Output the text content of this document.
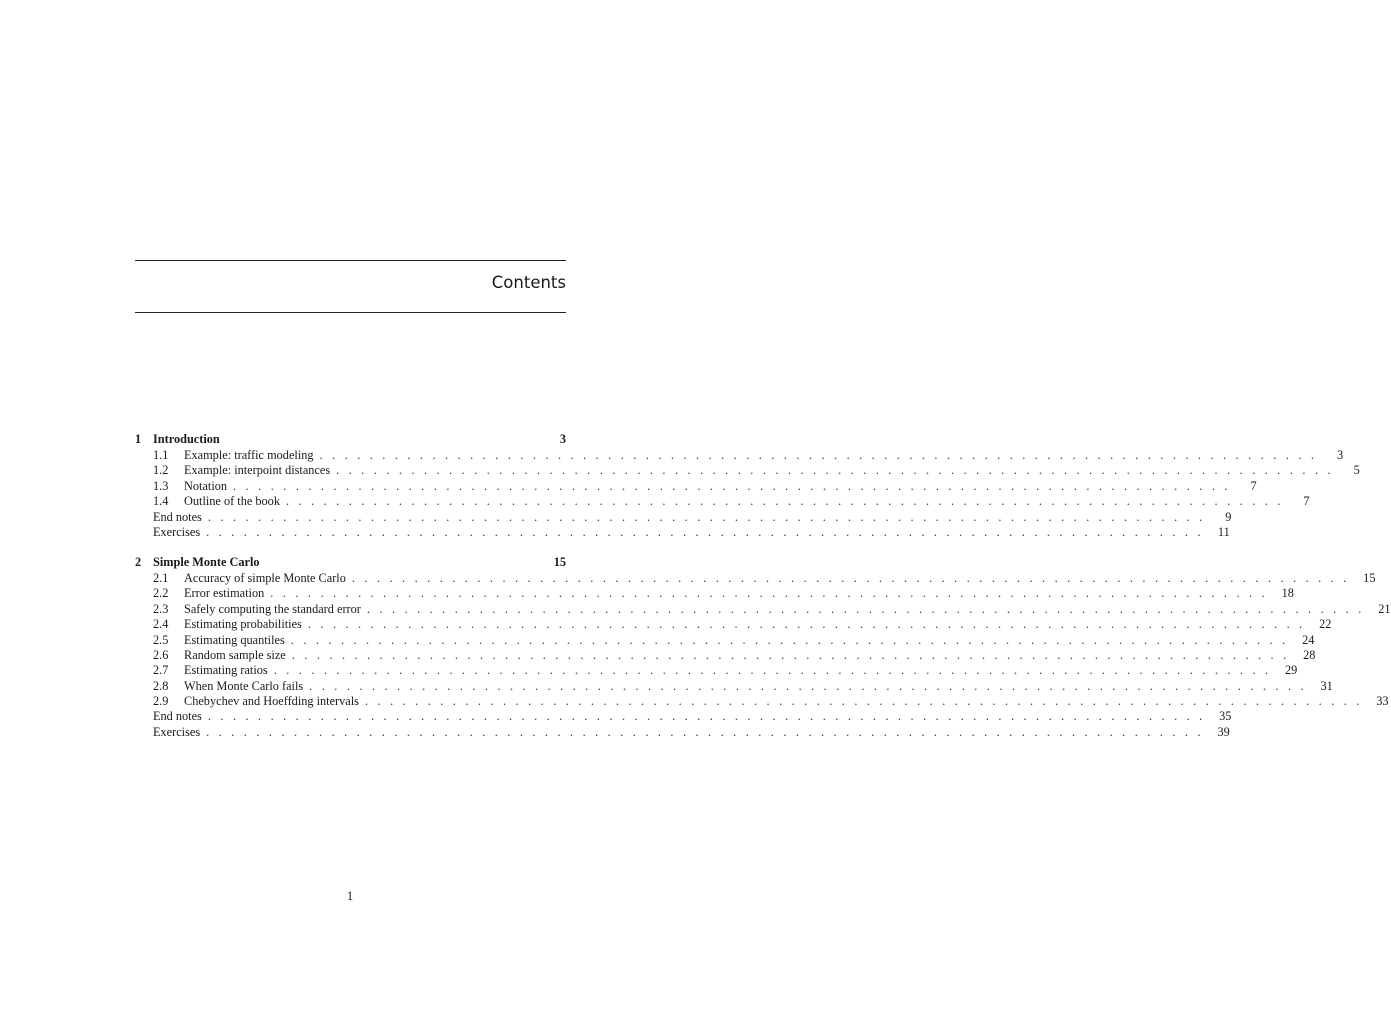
Contents
1 Introduction	3
1.1	Example: traffic modeling . . . . . . . . . . . . . . . . . . . . . . . . . . . . . . . . . . . . . . . . . . . . . . . . . . . . . . . . . . . . . . . . . . . . . . . . . . . . . . . .	3
1.2	Example: interpoint distances . . . . . . . . . . . . . . . . . . . . . . . . . . . . . . . . . . . . . . . . . . . . . . . . . . . . . . . . . . . . . . . . . . . . . . . . . . . . . . . .	5
1.3	Notation . . . . . . . . . . . . . . . . . . . . . . . . . . . . . . . . . . . . . . . . . . . . . . . . . . . . . . . . . . . . . . . . . . . . . . . . . . . . . . . .	7
1.4	Outline of the book . . . . . . . . . . . . . . . . . . . . . . . . . . . . . . . . . . . . . . . . . . . . . . . . . . . . . . . . . . . . . . . . . . . . . . . . . . . . . . . .	7
End notes . . . . . . . . . . . . . . . . . . . . . . . . . . . . . . . . . . . . . . . . . . . . . . . . . . . . . . . . . . . . . . . . . . . . . . . . . . . . . . . .	9
Exercises . . . . . . . . . . . . . . . . . . . . . . . . . . . . . . . . . . . . . . . . . . . . . . . . . . . . . . . . . . . . . . . . . . . . . . . . . . . . . . . .	11
2 Simple Monte Carlo	15
2.1	Accuracy of simple Monte Carlo . . . . . . . . . . . . . . . . . . . . . . . . . . . . . . . . . . . . . . . . . . . . . . . . . . . . . . . . . . . . . . . . . . . . . . . . . . . . . . . .	15
2.2	Error estimation . . . . . . . . . . . . . . . . . . . . . . . . . . . . . . . . . . . . . . . . . . . . . . . . . . . . . . . . . . . . . . . . . . . . . . . . . . . . . . . .	18
2.3	Safely computing the standard error . . . . . . . . . . . . . . . . . . . . . . . . . . . . . . . . . . . . . . . . . . . . . . . . . . . . . . . . . . . . . . . . . . . . . . . . . . . . . . . .	21
2.4	Estimating probabilities . . . . . . . . . . . . . . . . . . . . . . . . . . . . . . . . . . . . . . . . . . . . . . . . . . . . . . . . . . . . . . . . . . . . . . . . . . . . . . . .	22
2.5	Estimating quantiles . . . . . . . . . . . . . . . . . . . . . . . . . . . . . . . . . . . . . . . . . . . . . . . . . . . . . . . . . . . . . . . . . . . . . . . . . . . . . . . .	24
2.6	Random sample size . . . . . . . . . . . . . . . . . . . . . . . . . . . . . . . . . . . . . . . . . . . . . . . . . . . . . . . . . . . . . . . . . . . . . . . . . . . . . . . .	28
2.7	Estimating ratios . . . . . . . . . . . . . . . . . . . . . . . . . . . . . . . . . . . . . . . . . . . . . . . . . . . . . . . . . . . . . . . . . . . . . . . . . . . . . . . .	29
2.8	When Monte Carlo fails . . . . . . . . . . . . . . . . . . . . . . . . . . . . . . . . . . . . . . . . . . . . . . . . . . . . . . . . . . . . . . . . . . . . . . . . . . . . . . . .	31
2.9	Chebychev and Hoeffding intervals . . . . . . . . . . . . . . . . . . . . . . . . . . . . . . . . . . . . . . . . . . . . . . . . . . . . . . . . . . . . . . . . . . . . . . . . . . . . . . . .	33
End notes . . . . . . . . . . . . . . . . . . . . . . . . . . . . . . . . . . . . . . . . . . . . . . . . . . . . . . . . . . . . . . . . . . . . . . . . . . . . . . . .	35
Exercises . . . . . . . . . . . . . . . . . . . . . . . . . . . . . . . . . . . . . . . . . . . . . . . . . . . . . . . . . . . . . . . . . . . . . . . . . . . . . . . .	39
1
